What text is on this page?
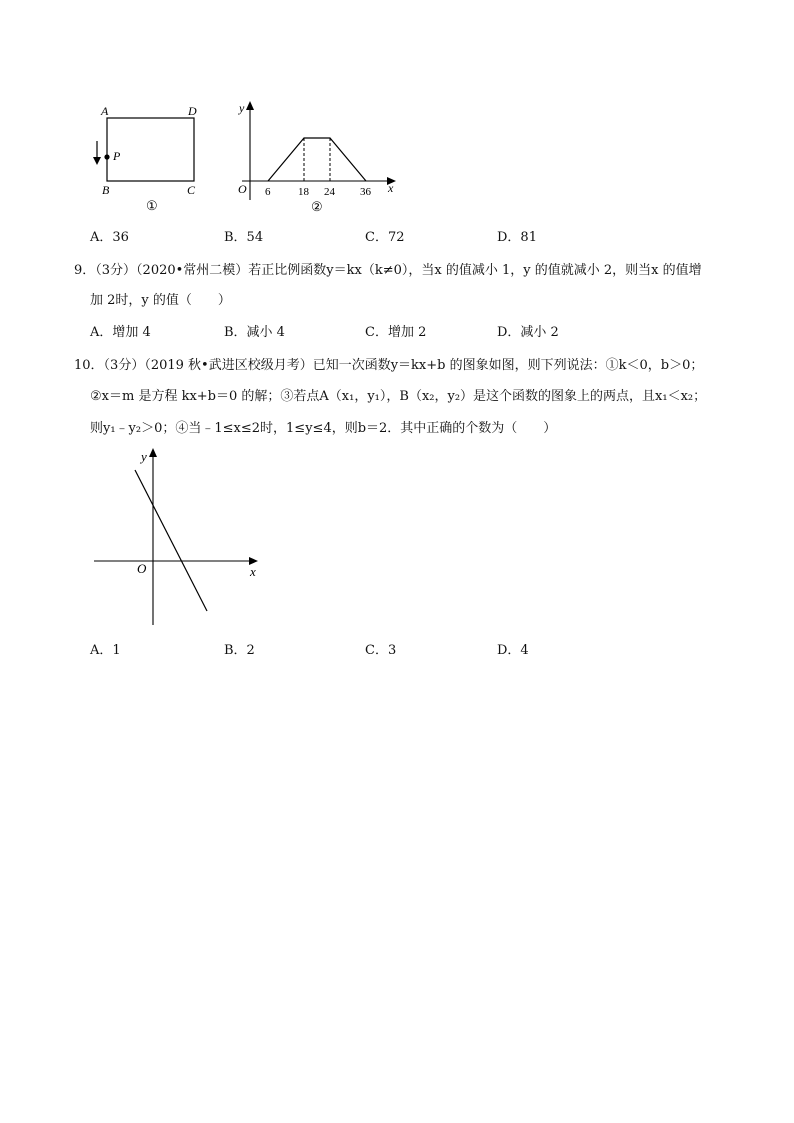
A	D
P
B	C
①
y
x
O 6	18 24 36
②
A．36	B．54	C．72	D．81
9．（3分）（2020•常州二模）若正比例函数y＝kx（k≠0），当x 的值减小 1，y 的值就减小 2，则当x 的值增
加 2时，y 的值（　　）
A．增加 4	B．减小 4	C．增加 2	D．减小 2
10．（3分）（2019 秋•武进区校级月考）已知一次函数y＝kx+b 的图象如图，则下列说法：①k＜0，b＞0；
②x＝m 是方程 kx+b＝0 的解；③若点A（x₁，y₁），B（x₂，y₂）是这个函数的图象上的两点，且x₁＜x₂；
则y₁﹣y₂＞0；④当﹣1≤x≤2时，1≤y≤4，则b＝2．其中正确的个数为（　　）
y
x
O
A．1	B．2	C．3	D．4
